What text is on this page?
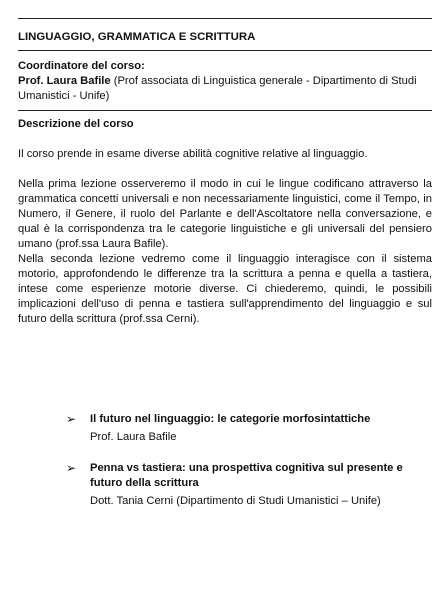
LINGUAGGIO, GRAMMATICA E SCRITTURA
Coordinatore del corso:
Prof. Laura Bafile (Prof associata di Linguistica generale - Dipartimento di Studi Umanistici - Unife)
Descrizione del corso
Il corso prende in esame diverse abilità cognitive relative al linguaggio.
Nella prima lezione osserveremo il modo in cui le lingue codificano attraverso la grammatica concetti universali e non necessariamente linguistici, come il Tempo, in Numero, il Genere, il ruolo del Parlante e dell'Ascoltatore nella conversazione, e qual è la corrispondenza tra le categorie linguistiche e gli universali del pensiero umano (prof.ssa Laura Bafile).
Nella seconda lezione vedremo come il linguaggio interagisce con il sistema motorio, approfondendo le differenze tra la scrittura a penna e quella a tastiera, intese come esperienze motorie diverse. Ci chiederemo, quindi, le possibili implicazioni dell'uso di penna e tastiera sull'apprendimento del linguaggio e sul futuro della scrittura (prof.ssa Cerni).
➢	Il futuro nel linguaggio: le categorie morfosintattiche
Prof. Laura Bafile
➢	Penna vs tastiera: una prospettiva cognitiva sul presente e futuro della scrittura
Dott. Tania Cerni (Dipartimento di Studi Umanistici – Unife)
